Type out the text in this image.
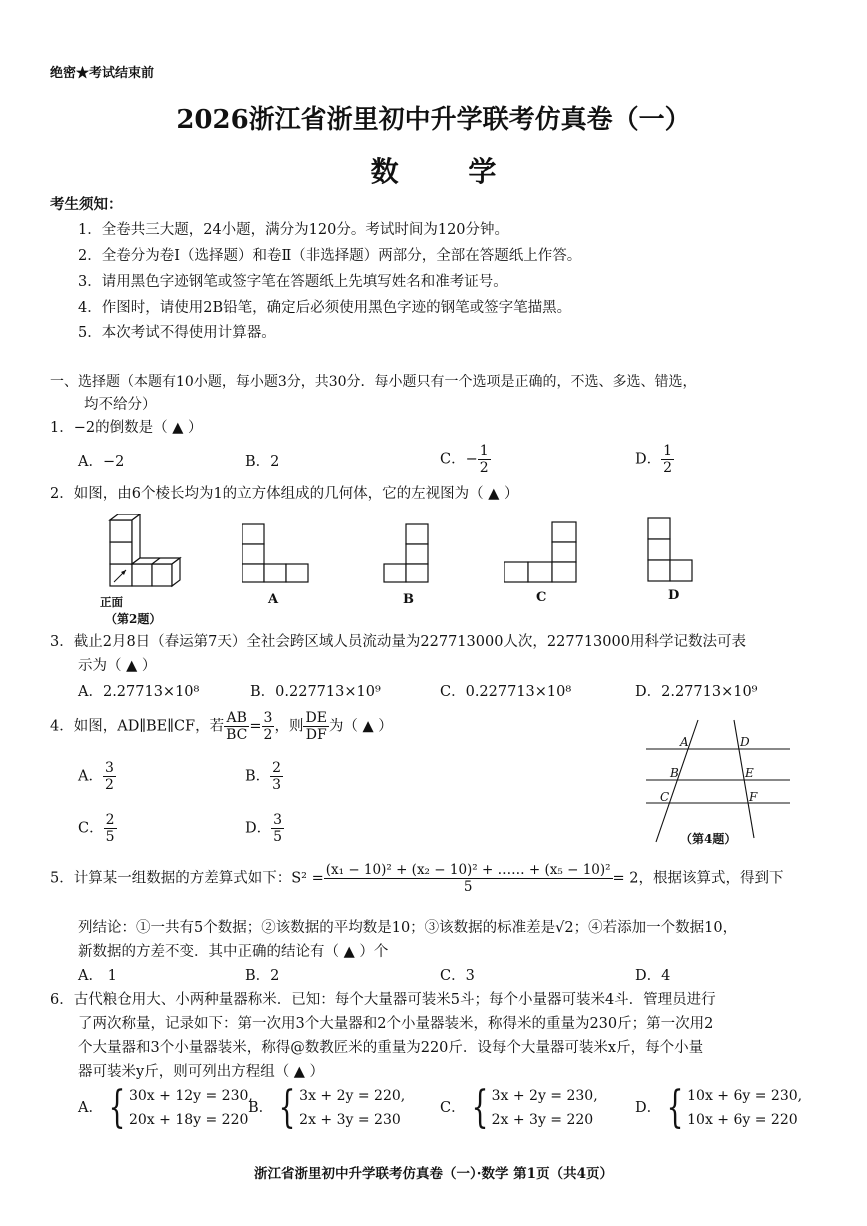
绝密★考试结束前
2026浙江省浙里初中升学联考仿真卷（一）
数 学
考生须知：
1．全卷共三大题，24小题，满分为120分。考试时间为120分钟。
2．全卷分为卷Ⅰ（选择题）和卷Ⅱ（非选择题）两部分，全部在答题纸上作答。
3．请用黑色字迹钢笔或签字笔在答题纸上先填写姓名和准考证号。
4．作图时，请使用2B铅笔，确定后必须使用黑色字迹的钢笔或签字笔描黑。
5．本次考试不得使用计算器。
一、选择题（本题有10小题，每小题3分，共30分．每小题只有一个选项是正确的，不选、多选、错选，
均不给分）
1．−2的倒数是（ ▲ ）
A．−2	B．2	C．− $\frac{1}{2}$	D． $\frac{1}{2}$
2．如图，由6个棱长均为1的立方体组成的几何体，它的左视图为（ ▲ ）
正面
（第2题）
A	B	C	D
3．截止2月8日（春运第7天）全社会跨区域人员流动量为227713000人次，227713000用科学记数法可表
示为（ ▲ ）
A．2.27713×10⁸	B．0.227713×10⁹	C．0.227713×10⁸	D．2.27713×10⁹
4．如图，AD∥BE∥CF，若 $\frac{AB}{BC} = \frac{3}{2}$ ，则 $\frac{DE}{DF}$ 为（ ▲ ）
A． $\frac{3}{2}$	B． $\frac{2}{3}$
C． $\frac{2}{5}$	D． $\frac{3}{5}$
A
B
C
D
E
F
（第4题）
5．计算某一组数据的方差算式如下：$S^2 = \frac{\text{(x₁ − 10)² + (x₂ − 10)² + …… + (x₅ − 10)²}}{5} = 2$，根据该算式，得到下
列结论：①一共有5个数据；②该数据的平均数是10；③该数据的标准差是√2；④若添加一个数据10，
新数据的方差不变．其中正确的结论有（ ▲ ）个
A． 1	B．2	C．3	D．4
6．古代粮仓用大、小两种量器称米．已知：每个大量器可装米5斗；每个小量器可装米4斗．管理员进行
了两次称量，记录如下：第一次用3个大量器和2个小量器装米，称得米的重量为230斤；第一次用2
个大量器和3个小量器装米，称得@数教匠米的重量为220斤．设每个大量器可装米x斤，每个小量
器可装米y斤，则可列出方程组（ ▲ ）
A． { 30x + 12y = 230,
20x + 18y = 220
B． { 3x + 2y = 220,
2x + 3y = 230
C． { 3x + 2y = 230,
2x + 3y = 220
D． { 10x + 6y = 230,
10x + 6y = 220
浙江省浙里初中升学联考仿真卷（一）·数学 第1页（共4页）
